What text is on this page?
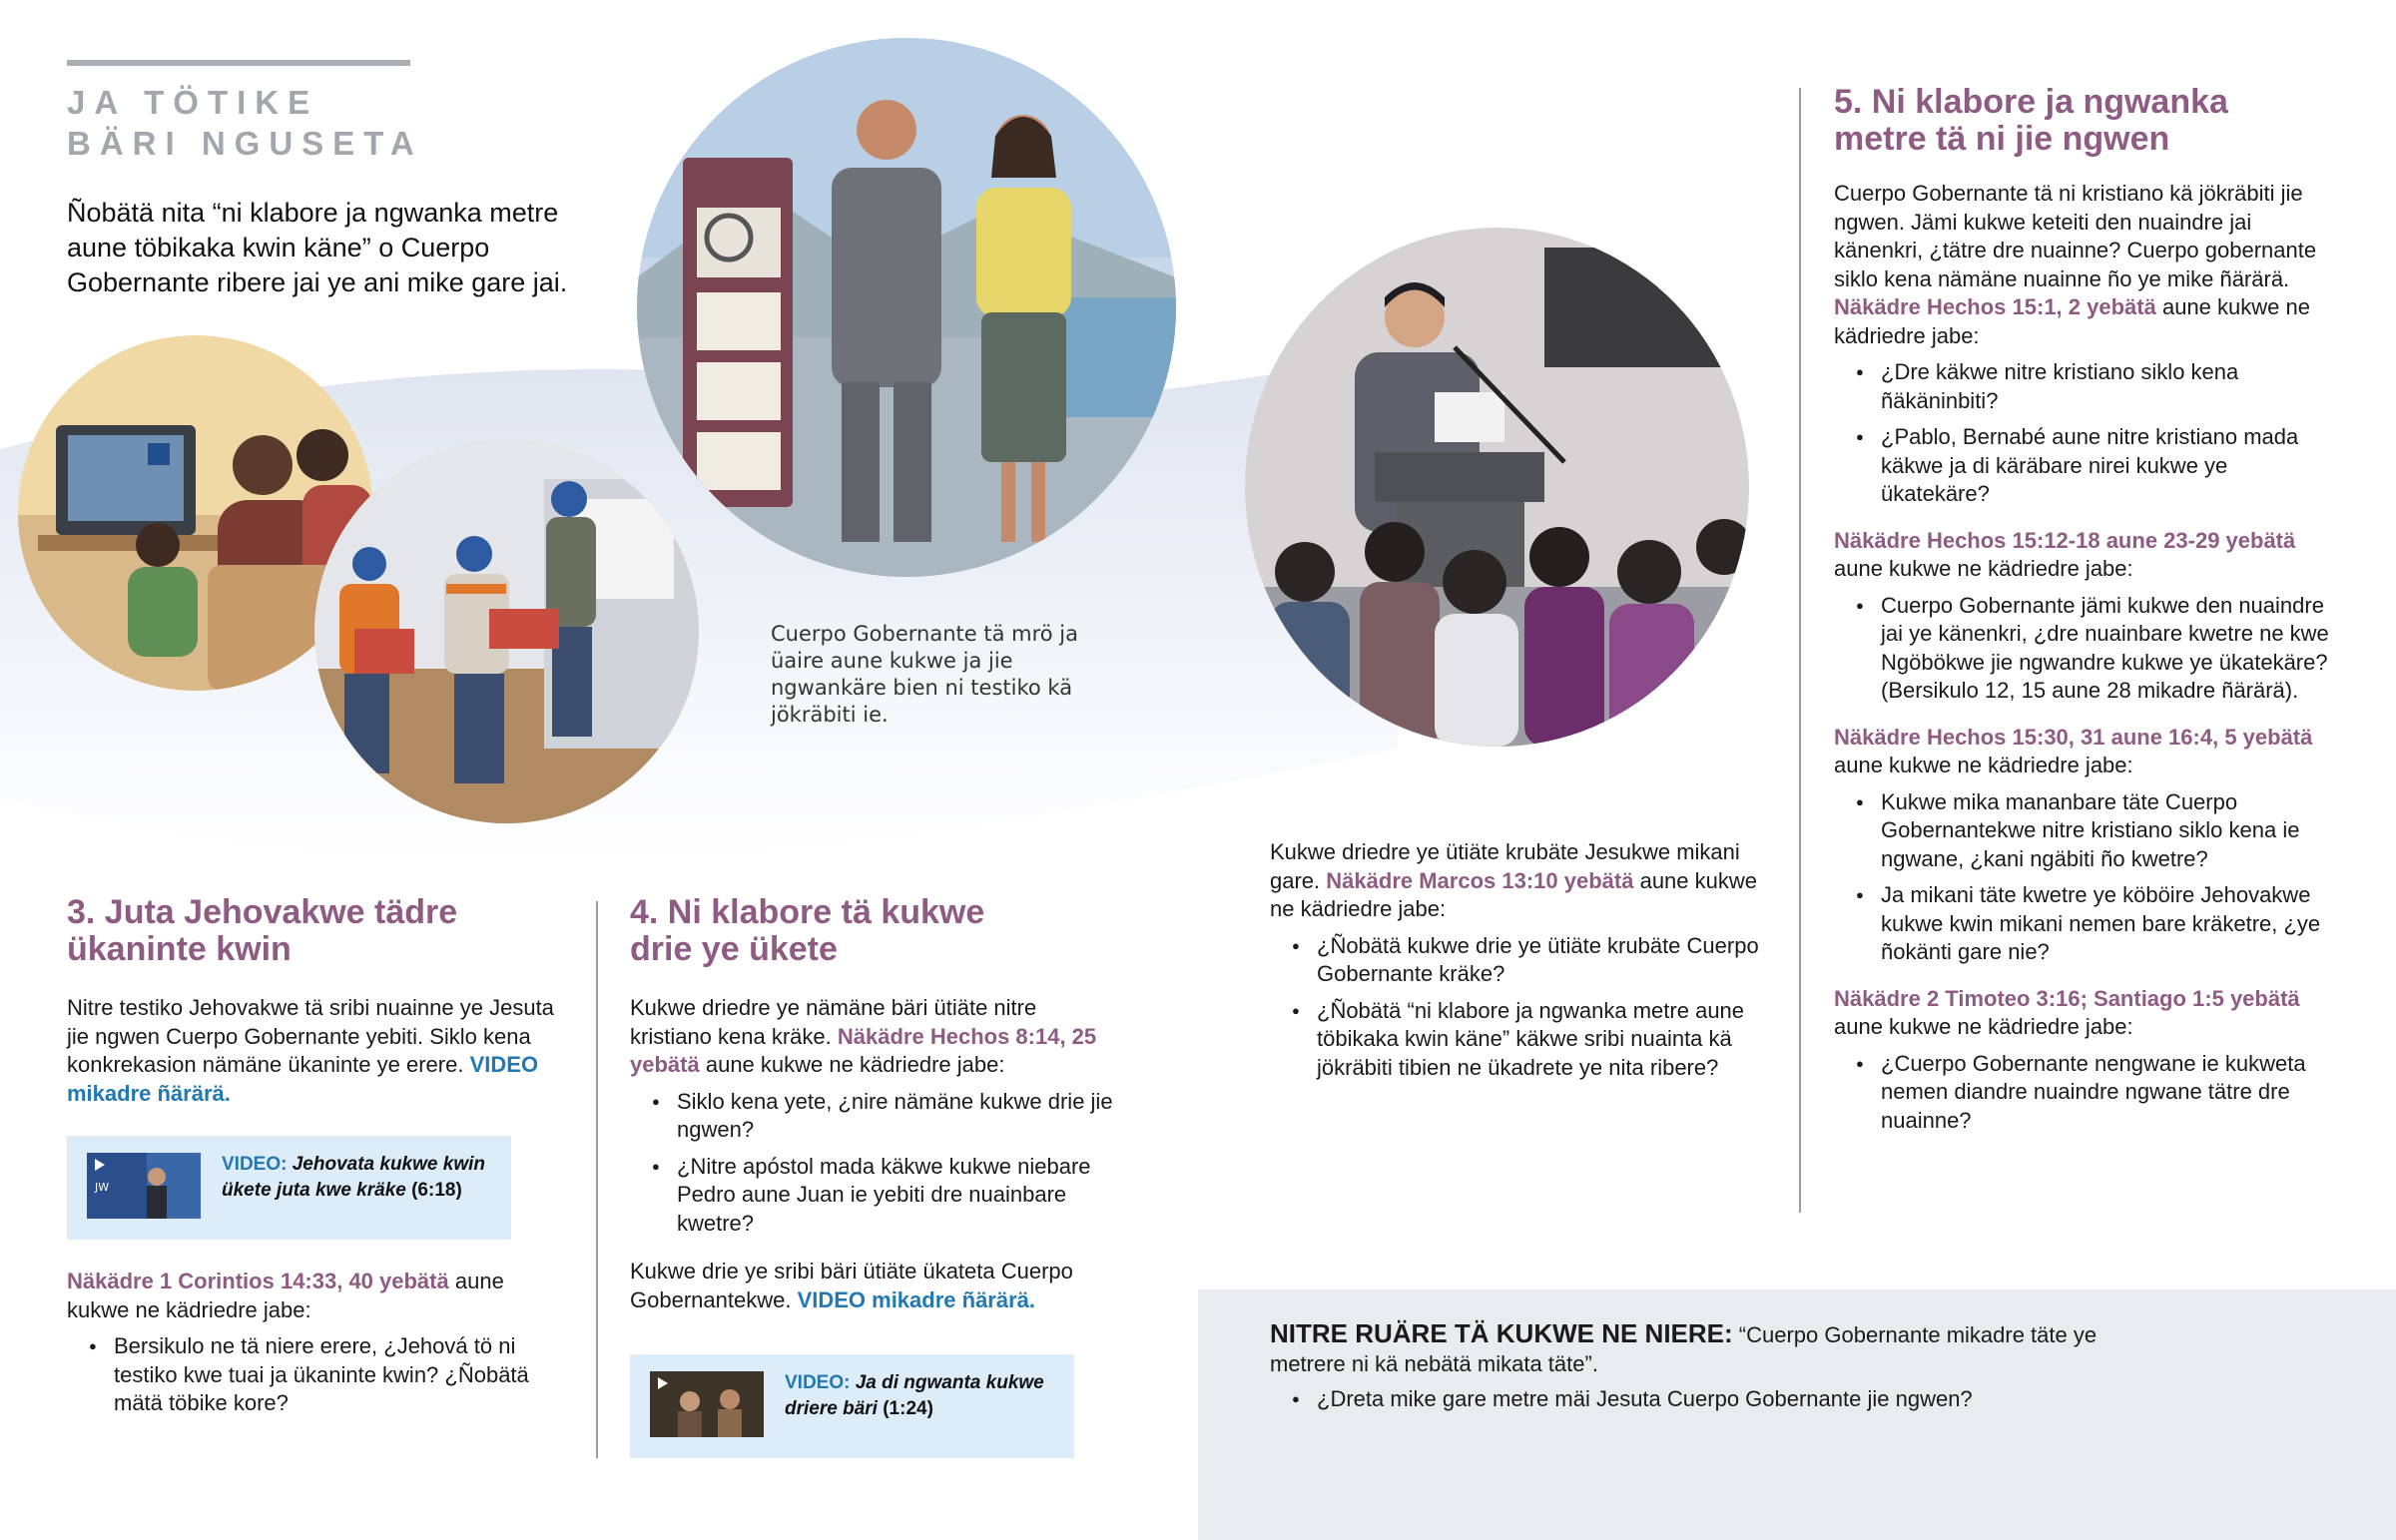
JA TÖTIKE
BÄRI NGUSETA
Ñobätä nita “ni klabore ja ngwanka metre aune töbikaka kwin käne” o Cuerpo Gobernante ribere jai ye ani mike gare jai.
Cuerpo Gobernante tä mrö ja üaire aune kukwe ja jie ngwankäre bien ni testiko kä jökräbiti ie.
3. Juta Jehovakwe tädre
ükaninte kwin
Nitre testiko Jehovakwe tä sribi nuainne ye Jesuta jie ngwen Cuerpo Gobernante yebiti. Siklo kena konkrekasion nämäne ükaninte ye erere. VIDEO mikadre ñärärä.
JW
VIDEO: Jehovata kukwe kwin ükete juta kwe kräke (6:18)
Näkädre 1 Corintios 14:33, 40 yebätä aune kukwe ne kädriedre jabe:
● Bersikulo ne tä niere erere, ¿Jehová tö ni testiko kwe tuai ja ükaninte kwin? ¿Ñobätä mätä töbike kore?
4. Ni klabore tä kukwe
drie ye ükete
Kukwe driedre ye nämäne bäri ütiäte nitre kristiano kena kräke. Näkädre Hechos 8:14, 25 yebätä aune kukwe ne kädriedre jabe:
● Siklo kena yete, ¿nire nämäne kukwe drie jie ngwen?
● ¿Nitre apóstol mada käkwe kukwe niebare Pedro aune Juan ie yebiti dre nuainbare kwetre?
Kukwe drie ye sribi bäri ütiäte ükateta Cuerpo Gobernantekwe. VIDEO mikadre ñärärä.
VIDEO: Ja di ngwanta kukwe driere bäri (1:24)
Kukwe driedre ye ütiäte krubäte Jesukwe mikani gare. Näkädre Marcos 13:10 yebätä aune kukwe ne kädriedre jabe:
● ¿Ñobätä kukwe drie ye ütiäte krubäte Cuerpo Gobernante kräke?
● ¿Ñobätä “ni klabore ja ngwanka metre aune töbikaka kwin käne” käkwe sribi nuainta kä jökräbiti tibien ne ükadrete ye nita ribere?
5. Ni klabore ja ngwanka
metre tä ni jie ngwen
Cuerpo Gobernante tä ni kristiano kä jökräbiti jie ngwen. Jämi kukwe keteiti den nuaindre jai känenkri, ¿tätre dre nuainne? Cuerpo gobernante siklo kena nämäne nuainne ño ye mike ñärärä. Näkädre Hechos 15:1, 2 yebätä aune kukwe ne kädriedre jabe:
● ¿Dre käkwe nitre kristiano siklo kena ñäkäninbiti?
● ¿Pablo, Bernabé aune nitre kristiano mada käkwe ja di käräbare nirei kukwe ye ükatekäre?
Näkädre Hechos 15:12-18 aune 23-29 yebätä
aune kukwe ne kädriedre jabe:
● Cuerpo Gobernante jämi kukwe den nuaindre jai ye känenkri, ¿dre nuainbare kwetre ne kwe Ngöbökwe jie ngwandre kukwe ye ükatekäre? (Bersikulo 12, 15 aune 28 mikadre ñärärä).
Näkädre Hechos 15:30, 31 aune 16:4, 5 yebätä
aune kukwe ne kädriedre jabe:
● Kukwe mika mananbare täte Cuerpo Gobernantekwe nitre kristiano siklo kena ie ngwane, ¿kani ngäbiti ño kwetre?
● Ja mikani täte kwetre ye köböire Jehovakwe kukwe kwin mikani nemen bare kräketre, ¿ye ñokänti gare nie?
Näkädre 2 Timoteo 3:16; Santiago 1:5 yebätä
aune kukwe ne kädriedre jabe:
● ¿Cuerpo Gobernante nengwane ie kukweta nemen diandre nuaindre ngwane tätre dre nuainne?
NITRE RUÄRE TÄ KUKWE NE NIERE: “Cuerpo Gobernante mikadre täte ye metrere ni kä nebätä mikata täte”.
● ¿Dreta mike gare metre mäi Jesuta Cuerpo Gobernante jie ngwen?
